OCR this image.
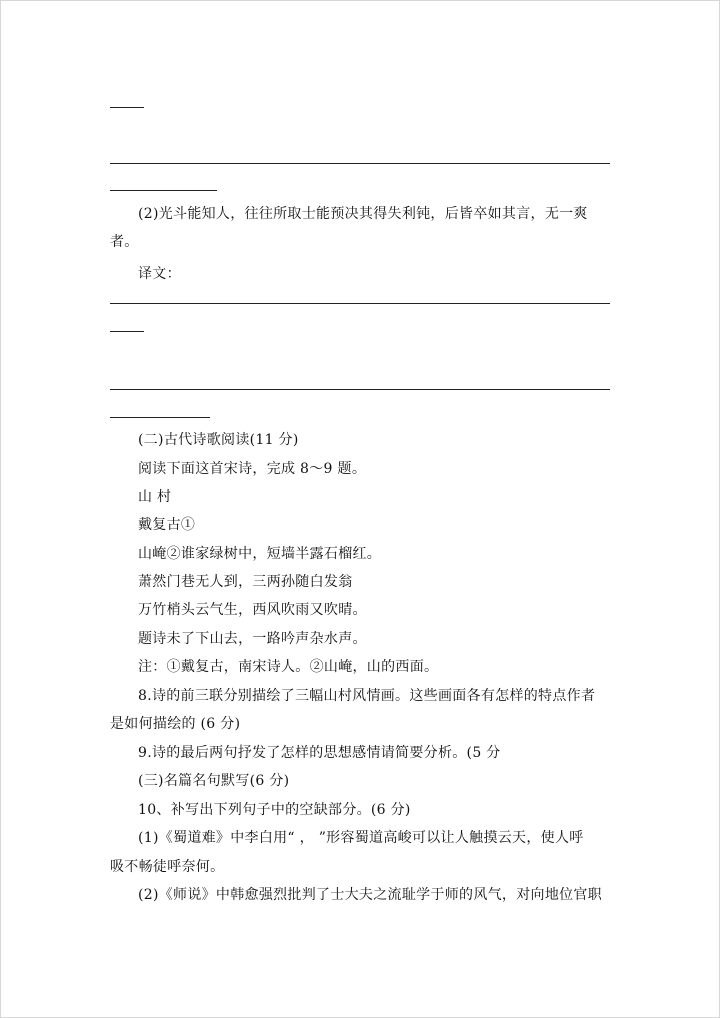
(2)光斗能知人，往往所取士能预决其得失利钝，后皆卒如其言，无一爽
者。
译文：
(二)古代诗歌阅读(11 分)
阅读下面这首宋诗，完成 8～9 题。
山 村
戴复古①
山崦②谁家绿树中，短墙半露石榴红。
萧然门巷无人到，三两孙随白发翁
万竹梢头云气生，西风吹雨又吹晴。
题诗未了下山去，一路吟声杂水声。
注：①戴复古，南宋诗人。②山崦，山的西面。
8.诗的前三联分别描绘了三幅山村风情画。这些画面各有怎样的特点作者
是如何描绘的 (6 分)
9.诗的最后两句抒发了怎样的思想感情请简要分析。(5 分
(三)名篇名句默写(6 分)
10、补写出下列句子中的空缺部分。(6 分)
(1)《蜀道难》中李白用“ ， ”形容蜀道高峻可以让人触摸云天，使人呼
吸不畅徒呼奈何。
(2)《师说》中韩愈强烈批判了士大夫之流耻学于师的风气，对向地位官职
